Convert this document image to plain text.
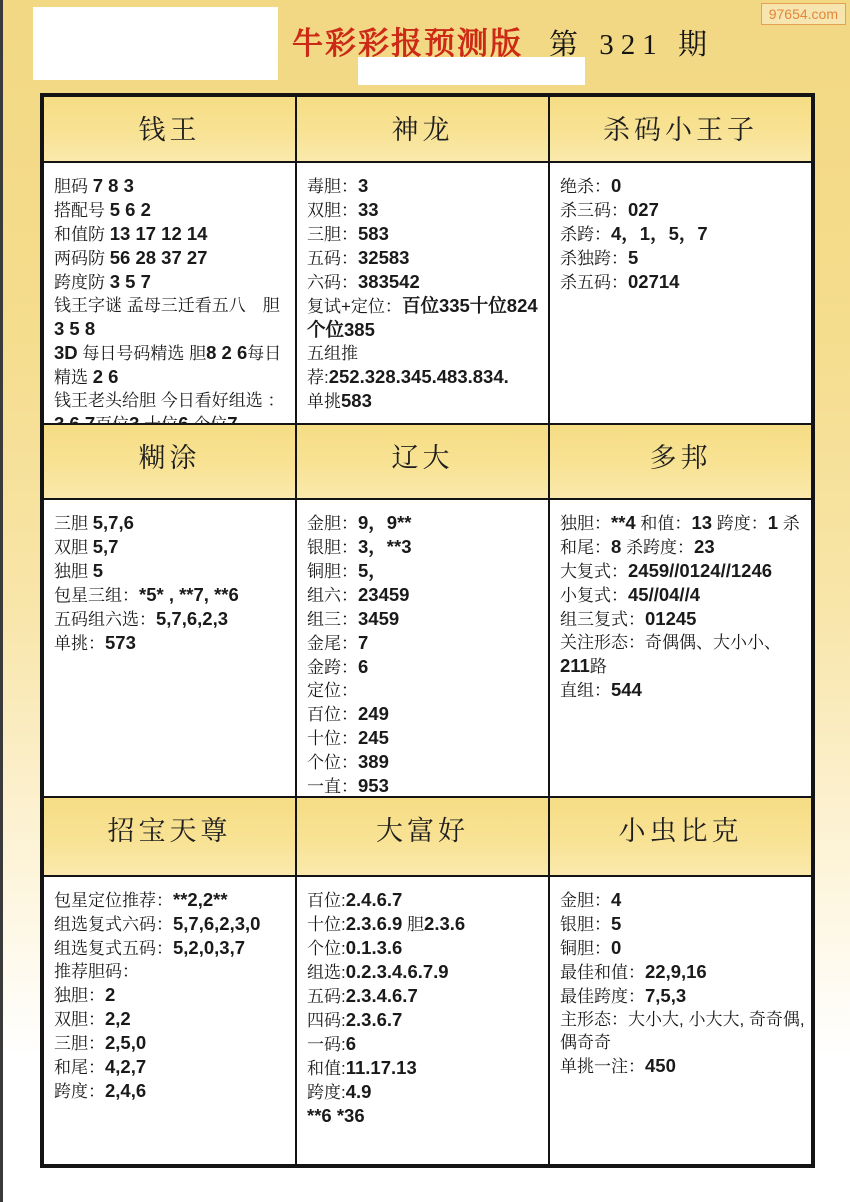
97654.com
牛彩彩报预测版 第 321 期
钱王	神龙	杀码小王子
胆码 7 8 3
搭配号 5 6 2
和值防 13 17 12 14
两码防 56 28 37 27
跨度防 3 5 7
钱王字谜 孟母三迁看五八　胆3 5 8
3D 每日号码精选 胆8 2 6每日精选 2 6
钱王老头给胆 今日看好组选 ：
毒胆：3
双胆：33
三胆：583
五码：32583
六码：383542
复试+定位：百位335十位824个位385
五组推荐:252.328.345.483.834.
单挑583
绝杀：0
杀三码：027
杀跨：4，1，5，7
杀独跨：5
杀五码：02714
糊涂	辽大	多邦
三胆 5,7,6
双胆 5,7
独胆 5
包星三组：*5* , **7, **6
五码组六选：5,7,6,2,3
单挑：573
金胆：9，9**
银胆：3，**3
铜胆：5，
组六：23459
组三：3459
金尾：7
金跨：6
定位：
百位：249
十位：245
个位：389
一直：953
独胆：**4 和值：13 跨度：1 杀和尾：8 杀跨度：23
大复式：2459//0124//1246
小复式：45//04//4
组三复式：01245
关注形态：奇偶偶、大小小、211路
直组：544
招宝天尊	大富好	小虫比克
包星定位推荐：**2,2**
组选复式六码：5,7,6,2,3,0
组选复式五码：5,2,0,3,7
推荐胆码：
独胆：2
双胆：2,2
三胆：2,5,0
和尾：4,2,7
跨度：2,4,6
百位:2.4.6.7
十位:2.3.6.9 胆2.3.6
个位:0.1.3.6
组选:0.2.3.4.6.7.9
五码:2.3.4.6.7
四码:2.3.6.7
一码:6
和值:11.17.13
跨度:4.9
**6 *36
金胆：4
银胆：5
铜胆：0
最佳和值：22,9,16
最佳跨度：7,5,3
主形态：大小大, 小大大, 奇奇偶, 偶奇奇
单挑一注：450
